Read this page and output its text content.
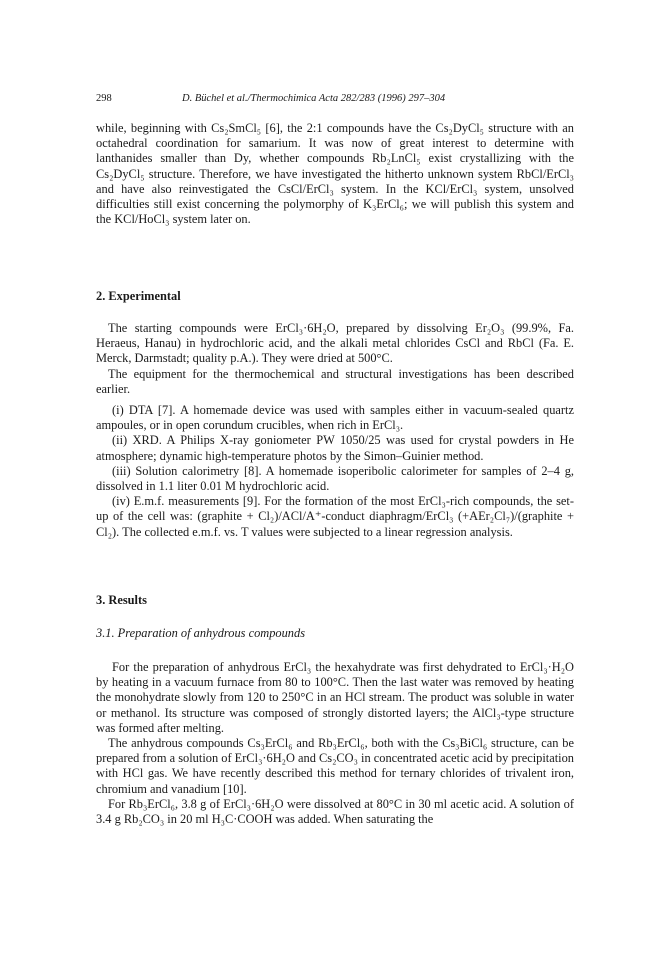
298	D. Büchel et al./Thermochimica Acta 282/283 (1996) 297–304

while, beginning with Cs₂SmCl₅ [6], the 2:1 compounds have the Cs₂DyCl₅ structure with an octahedral coordination for samarium. It was now of great interest to determine with lanthanides smaller than Dy, whether compounds Rb₂LnCl₅ exist crystallizing with the Cs₂DyCl₅ structure. Therefore, we have investigated the hitherto unknown system RbCl/ErCl₃ and have also reinvestigated the CsCl/ErCl₃ system. In the KCl/ErCl₃ system, unsolved difficulties still exist concerning the polymorphy of K₃ErCl₆; we will publish this system and the KCl/HoCl₃ system later on.

2. Experimental

The starting compounds were ErCl₃·6H₂O, prepared by dissolving Er₂O₃ (99.9%, Fa. Heraeus, Hanau) in hydrochloric acid, and the alkali metal chlorides CsCl and RbCl (Fa. E. Merck, Darmstadt; quality p.A.). They were dried at 500°C.

The equipment for the thermochemical and structural investigations has been described earlier.

(i) DTA [7]. A homemade device was used with samples either in vacuum-sealed quartz ampoules, or in open corundum crucibles, when rich in ErCl₃.

(ii) XRD. A Philips X-ray goniometer PW 1050/25 was used for crystal powders in He atmosphere; dynamic high-temperature photos by the Simon–Guinier method.

(iii) Solution calorimetry [8]. A homemade isoperibolic calorimeter for samples of 2–4 g, dissolved in 1.1 liter 0.01 M hydrochloric acid.

(iv) E.m.f. measurements [9]. For the formation of the most ErCl₃-rich compounds, the set-up of the cell was: (graphite + Cl₂)/ACl/A⁺-conduct diaphragm/ErCl₃ (+AEr₂Cl₇)/(graphite + Cl₂). The collected e.m.f. vs. T values were subjected to a linear regression analysis.

3. Results
3.1. Preparation of anhydrous compounds

For the preparation of anhydrous ErCl₃ the hexahydrate was first dehydrated to ErCl₃·H₂O by heating in a vacuum furnace from 80 to 100°C. Then the last water was removed by heating the monohydrate slowly from 120 to 250°C in an HCl stream. The product was soluble in water or methanol. Its structure was composed of strongly distorted layers; the AlCl₃-type structure was formed after melting.

The anhydrous compounds Cs₃ErCl₆ and Rb₃ErCl₆, both with the Cs₃BiCl₆ structure, can be prepared from a solution of ErCl₃·6H₂O and Cs₂CO₃ in concentrated acetic acid by precipitation with HCl gas. We have recently described this method for ternary chlorides of trivalent iron, chromium and vanadium [10].

For Rb₃ErCl₆, 3.8 g of ErCl₃·6H₂O were dissolved at 80°C in 30 ml acetic acid. A solution of 3.4 g Rb₂CO₃ in 20 ml H₃C·COOH was added. When saturating the
